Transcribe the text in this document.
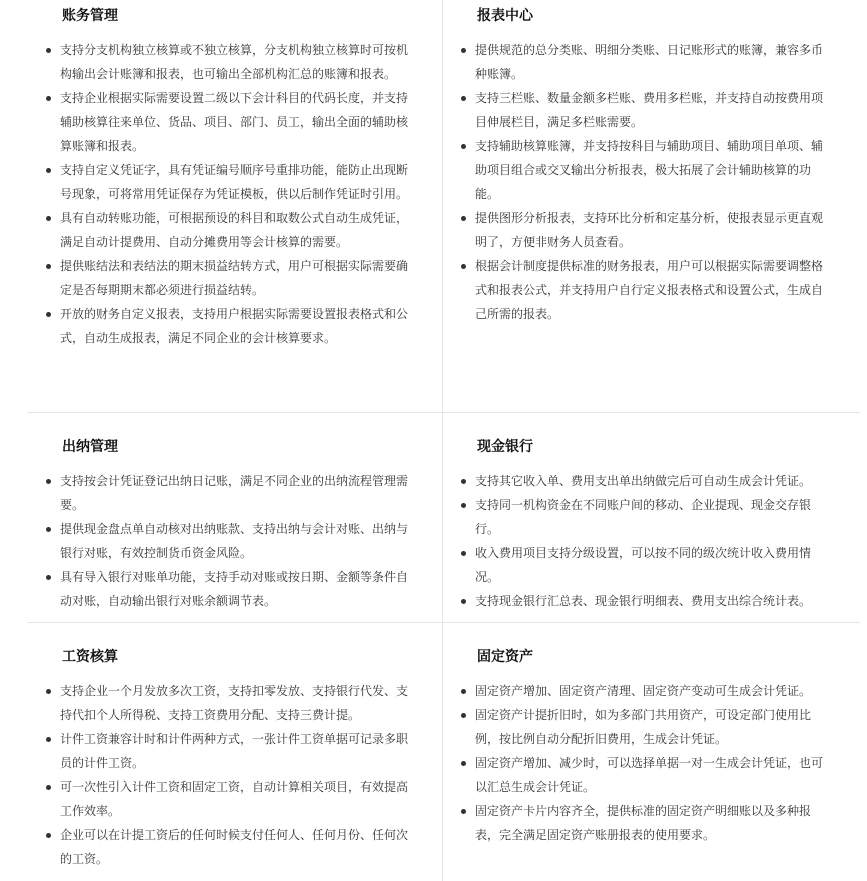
账务管理
支持分支机构独立核算或不独立核算，分支机构独立核算时可按机构输出会计账簿和报表，也可输出全部机构汇总的账簿和报表。
支持企业根据实际需要设置二级以下会计科目的代码长度，并支持辅助核算往来单位、货品、项目、部门、员工，输出全面的辅助核算账簿和报表。
支持自定义凭证字，具有凭证编号顺序号重排功能，能防止出现断号现象，可将常用凭证保存为凭证模板，供以后制作凭证时引用。
具有自动转账功能，可根据预设的科目和取数公式自动生成凭证，满足自动计提费用、自动分摊费用等会计核算的需要。
提供账结法和表结法的期末损益结转方式，用户可根据实际需要确定是否每期期末都必须进行损益结转。
开放的财务自定义报表，支持用户根据实际需要设置报表格式和公式，自动生成报表，满足不同企业的会计核算要求。
报表中心
提供规范的总分类账、明细分类账、日记账形式的账簿，兼容多币种账簿。
支持三栏账、数量金额多栏账、费用多栏账，并支持自动按费用项目伸展栏目，满足多栏账需要。
支持辅助核算账簿，并支持按科目与辅助项目、辅助项目单项、辅助项目组合或交叉输出分析报表，极大拓展了会计辅助核算的功能。
提供图形分析报表，支持环比分析和定基分析，使报表显示更直观明了，方便非财务人员查看。
根据会计制度提供标准的财务报表，用户可以根据实际需要调整格式和报表公式，并支持用户自行定义报表格式和设置公式，生成自己所需的报表。
出纳管理
支持按会计凭证登记出纳日记账，满足不同企业的出纳流程管理需要。
提供现金盘点单自动核对出纳账款、支持出纳与会计对账、出纳与银行对账，有效控制货币资金风险。
具有导入银行对账单功能，支持手动对账或按日期、金额等条件自动对账，自动输出银行对账余额调节表。
现金银行
支持其它收入单、费用支出单出纳做完后可自动生成会计凭证。
支持同一机构资金在不同账户间的移动、企业提现、现金交存银行。
收入费用项目支持分级设置，可以按不同的级次统计收入费用情况。
支持现金银行汇总表、现金银行明细表、费用支出综合统计表。
工资核算
支持企业一个月发放多次工资，支持扣零发放、支持银行代发、支持代扣个人所得税、支持工资费用分配、支持三费计提。
计件工资兼容计时和计件两种方式，一张计件工资单据可记录多职员的计件工资。
可一次性引入计件工资和固定工资，自动计算相关项目，有效提高工作效率。
企业可以在计提工资后的任何时候支付任何人、任何月份、任何次的工资。
固定资产
固定资产增加、固定资产清理、固定资产变动可生成会计凭证。
固定资产计提折旧时，如为多部门共用资产，可设定部门使用比例，按比例自动分配折旧费用，生成会计凭证。
固定资产增加、减少时，可以选择单据一对一生成会计凭证，也可以汇总生成会计凭证。
固定资产卡片内容齐全，提供标准的固定资产明细账以及多种报表，完全满足固定资产账册报表的使用要求。
